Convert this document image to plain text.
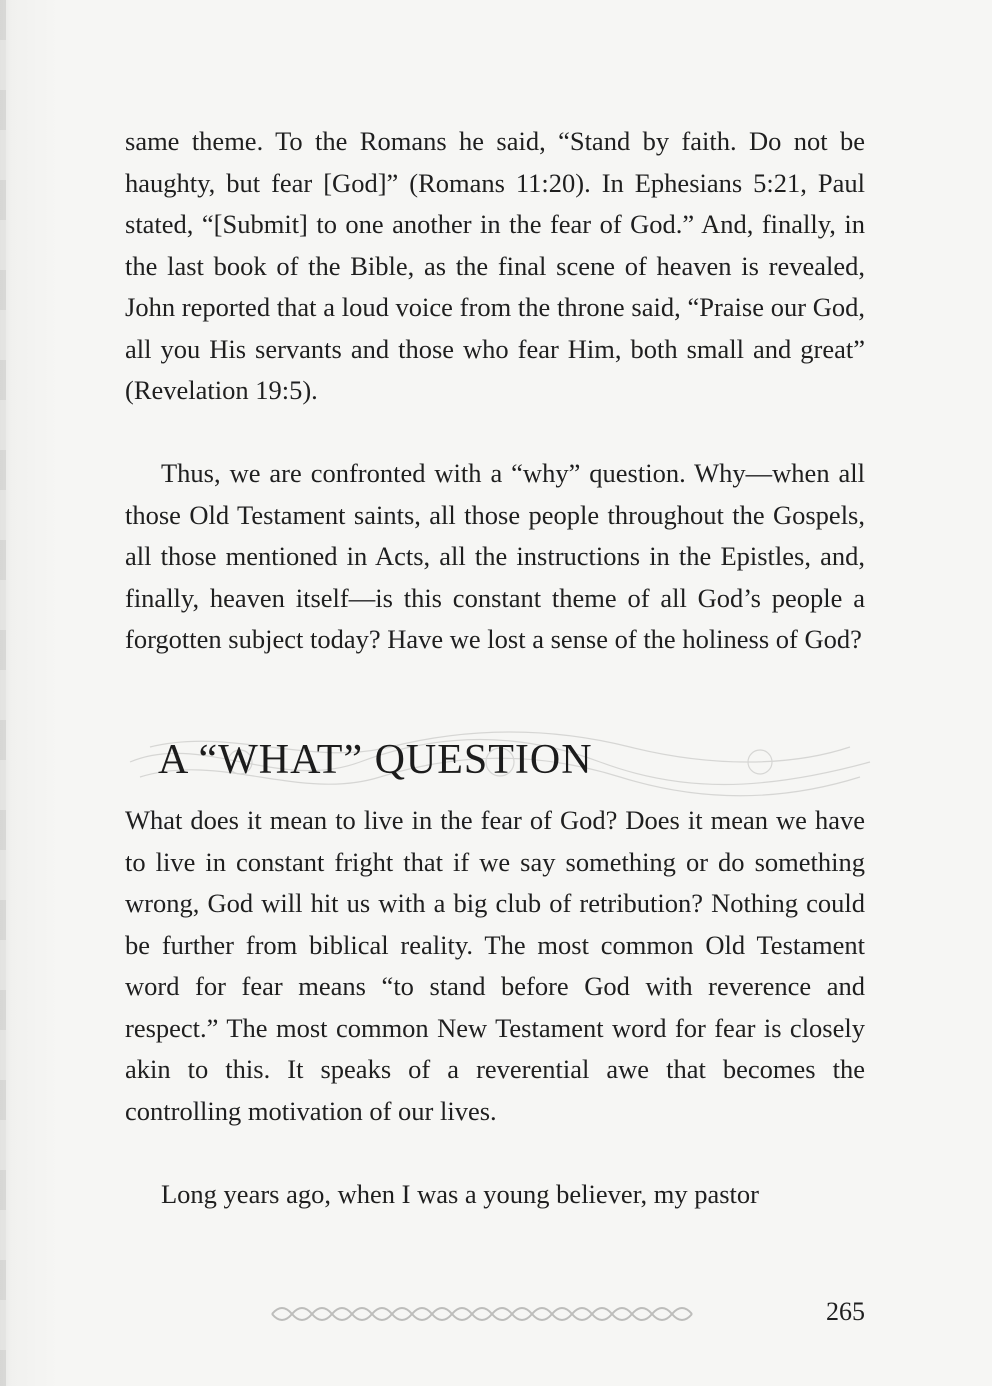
same theme. To the Romans he said, “Stand by faith. Do not be haughty, but fear [God]” (Romans 11:20). In Ephesians 5:21, Paul stated, “[Submit] to one another in the fear of God.” And, finally, in the last book of the Bible, as the final scene of heaven is revealed, John reported that a loud voice from the throne said, “Praise our God, all you His servants and those who fear Him, both small and great” (Revelation 19:5).

Thus, we are confronted with a “why” question. Why—when all those Old Testament saints, all those people throughout the Gospels, all those mentioned in Acts, all the instructions in the Epistles, and, finally, heaven itself—is this constant theme of all God’s people a forgotten subject today? Have we lost a sense of the holiness of God?

A “WHAT” QUESTION

What does it mean to live in the fear of God? Does it mean we have to live in constant fright that if we say something or do something wrong, God will hit us with a big club of retribution? Nothing could be further from biblical reality. The most common Old Testament word for fear means “to stand before God with reverence and respect.” The most common New Testament word for fear is closely akin to this. It speaks of a reverential awe that becomes the controlling motivation of our lives.

Long years ago, when I was a young believer, my pastor

265
